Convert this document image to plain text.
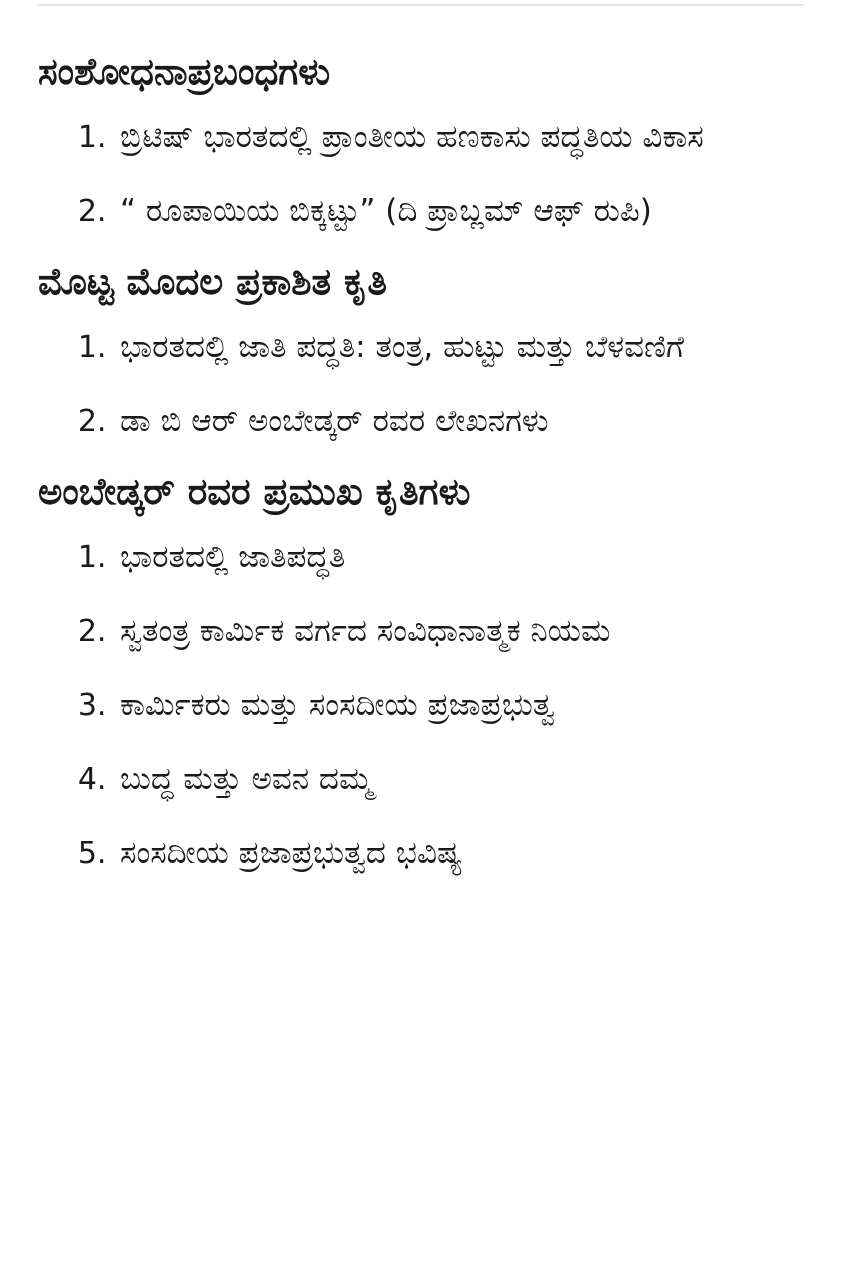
ಸಂಶೋಧನಾಪ್ರಬಂಧಗಳು
1. ಬ್ರಿಟಿಷ್ ಭಾರತದಲ್ಲಿ ಪ್ರಾಂತೀಯ ಹಣಕಾಸು ಪದ್ಧತಿಯ ವಿಕಾಸ
2. “ ರೂಪಾಯಿಯ ಬಿಕ್ಕಟ್ಟು” (ದಿ ಪ್ರಾಬ್ಲಮ್ ಆಫ್ ರುಪಿ)
ಮೊಟ್ಟ ಮೊದಲ ಪ್ರಕಾಶಿತ ಕೃತಿ
1. ಭಾರತದಲ್ಲಿ ಜಾತಿ ಪದ್ಧತಿ: ತಂತ್ರ, ಹುಟ್ಟು ಮತ್ತು ಬೆಳವಣಿಗೆ
2. ಡಾ ಬಿ ಆರ್ ಅಂಬೇಡ್ಕರ್ ರವರ ಲೇಖನಗಳು
ಅಂಬೇಡ್ಕರ್ ರವರ ಪ್ರಮುಖ ಕೃತಿಗಳು
1. ಭಾರತದಲ್ಲಿ ಜಾತಿಪದ್ಧತಿ
2. ಸ್ವತಂತ್ರ ಕಾರ್ಮಿಕ ವರ್ಗದ ಸಂವಿಧಾನಾತ್ಮಕ ನಿಯಮ
3. ಕಾರ್ಮಿಕರು ಮತ್ತು ಸಂಸದೀಯ ಪ್ರಜಾಪ್ರಭುತ್ವ
4. ಬುದ್ಧ ಮತ್ತು ಅವನ ದಮ್ಮ
5. ಸಂಸದೀಯ ಪ್ರಜಾಪ್ರಭುತ್ವದ ಭವಿಷ್ಯ
